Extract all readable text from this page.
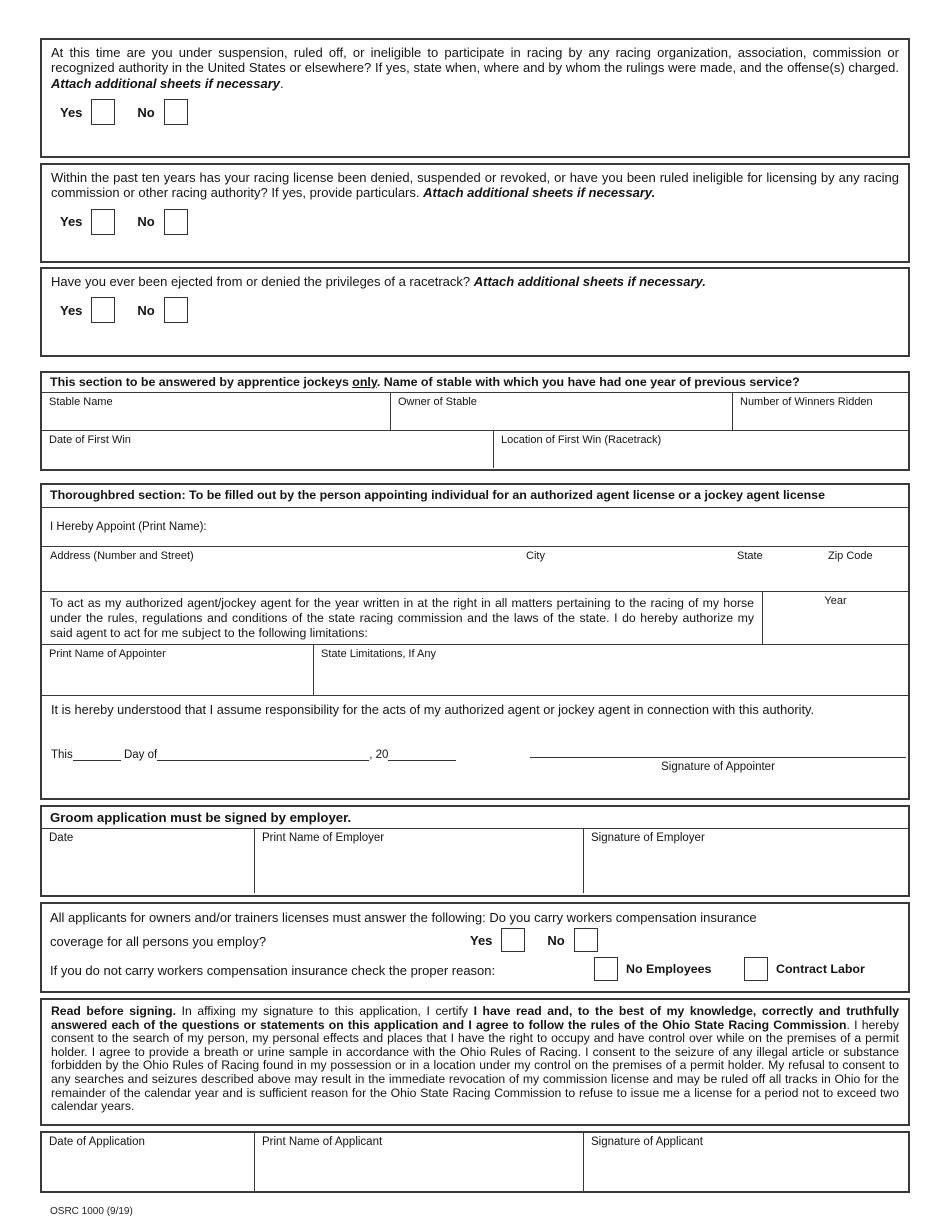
At this time are you under suspension, ruled off, or ineligible to participate in racing by any racing organization, association, commission or recognized authority in the United States or elsewhere? If yes, state when, where and by whom the rulings were made, and the offense(s) charged. Attach additional sheets if necessary.

Yes	No

Within the past ten years has your racing license been denied, suspended or revoked, or have you been ruled ineligible for licensing by any racing commission or other racing authority? If yes, provide particulars. Attach additional sheets if necessary.

Yes	No

Have you ever been ejected from or denied the privileges of a racetrack? Attach additional sheets if necessary.

Yes	No
This section to be answered by apprentice jockeys only. Name of stable with which you have had one year of previous service?
Stable Name	Owner of Stable	Number of Winners Ridden
Date of First Win	Location of First Win (Racetrack)
Thoroughbred section: To be filled out by the person appointing individual for an authorized agent license or a jockey agent license
I Hereby Appoint (Print Name):
Address (Number and Street)	City	State	Zip Code

To act as my authorized agent/jockey agent for the year written in at the right in all matters pertaining to the racing of my horse under the rules, regulations and conditions of the state racing commission and the laws of the state. I do hereby authorize my said agent to act for me subject to the following limitations:

Year
Print Name of Appointer	State Limitations, If Any

It is hereby understood that I assume responsibility for the acts of my authorized agent or jockey agent in connection with this authority.

This	Day of	, 20
Signature of Appointer
Groom application must be signed by employer.
Date	Print Name of Employer	Signature of Employer
All applicants for owners and/or trainers licenses must answer the following: Do you carry workers compensation insurance
coverage for all persons you employ?	Yes	No
If you do not carry workers compensation insurance check the proper reason:	No Employees	Contract Labor

Read before signing. In affixing my signature to this application, I certify I have read and, to the best of my knowledge, correctly and truthfully answered each of the questions or statements on this application and I agree to follow the rules of the Ohio State Racing Commission. I hereby consent to the search of my person, my personal effects and places that I have the right to occupy and have control over while on the premises of a permit holder. I agree to provide a breath or urine sample in accordance with the Ohio Rules of Racing. I consent to the seizure of any illegal article or substance forbidden by the Ohio Rules of Racing found in my possession or in a location under my control on the premises of a permit holder. My refusal to consent to any searches and seizures described above may result in the immediate revocation of my commission license and may be ruled off all tracks in Ohio for the remainder of the calendar year and is sufficient reason for the Ohio State Racing Commission to refuse to issue me a license for a period not to exceed two calendar years.

Date of Application	Print Name of Applicant	Signature of Applicant
OSRC 1000 (9/19)
